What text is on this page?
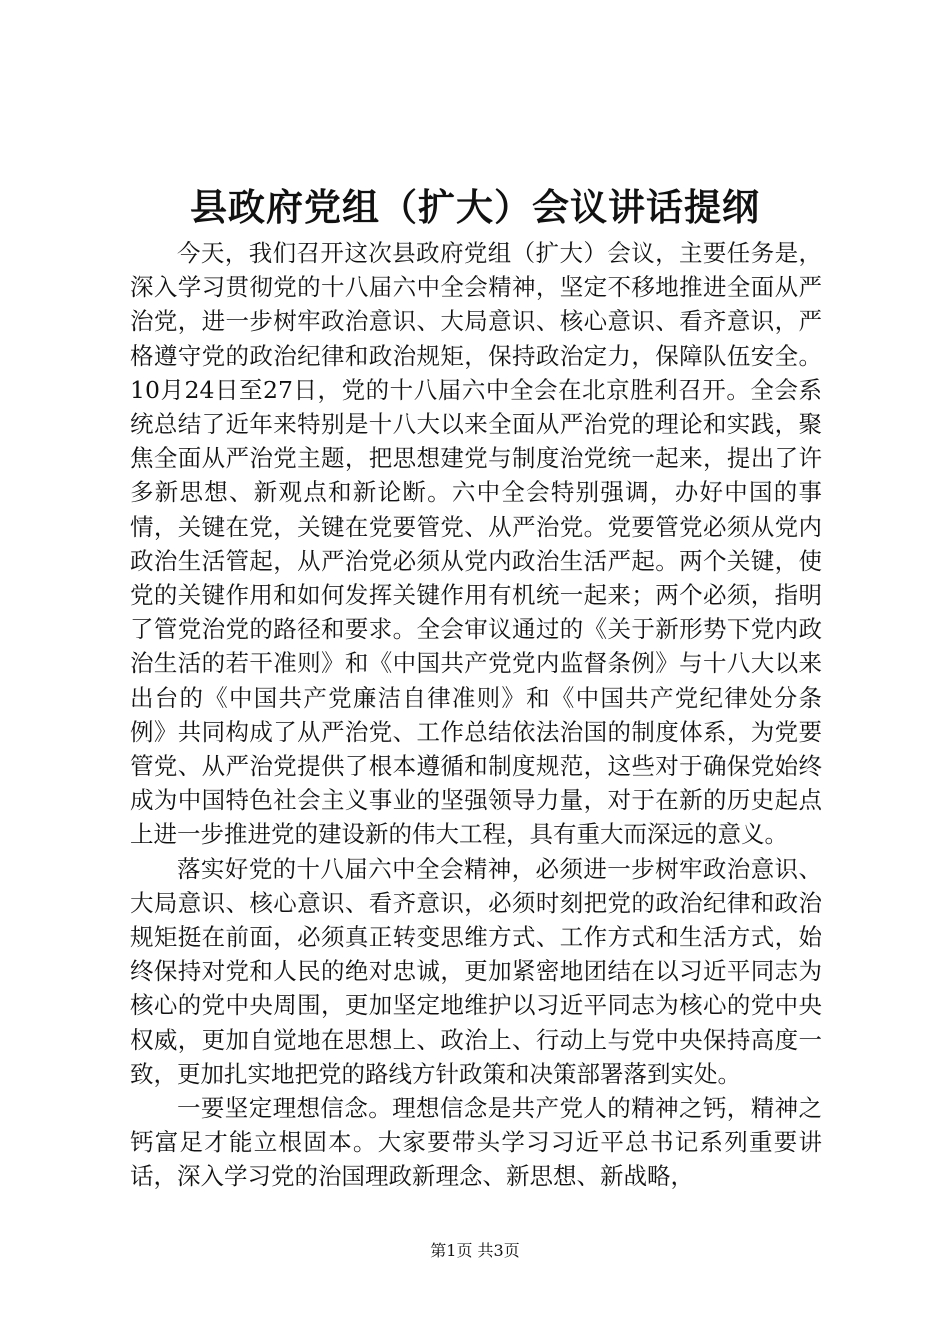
县政府党组（扩大）会议讲话提纲

今天，我们召开这次县政府党组（扩大）会议，主要任务是，深入学习贯彻党的十八届六中全会精神，坚定不移地推进全面从严治党，进一步树牢政治意识、大局意识、核心意识、看齐意识，严格遵守党的政治纪律和政治规矩，保持政治定力，保障队伍安全。10月24日至27日，党的十八届六中全会在北京胜利召开。全会系统总结了近年来特别是十八大以来全面从严治党的理论和实践，聚焦全面从严治党主题，把思想建党与制度治党统一起来，提出了许多新思想、新观点和新论断。六中全会特别强调，办好中国的事情，关键在党，关键在党要管党、从严治党。党要管党必须从党内政治生活管起，从严治党必须从党内政治生活严起。两个关键，使党的关键作用和如何发挥关键作用有机统一起来；两个必须，指明了管党治党的路径和要求。全会审议通过的《关于新形势下党内政治生活的若干准则》和《中国共产党党内监督条例》与十八大以来出台的《中国共产党廉洁自律准则》和《中国共产党纪律处分条例》共同构成了从严治党、工作总结依法治国的制度体系，为党要管党、从严治党提供了根本遵循和制度规范，这些对于确保党始终成为中国特色社会主义事业的坚强领导力量，对于在新的历史起点上进一步推进党的建设新的伟大工程，具有重大而深远的意义。

落实好党的十八届六中全会精神，必须进一步树牢政治意识、大局意识、核心意识、看齐意识，必须时刻把党的政治纪律和政治规矩挺在前面，必须真正转变思维方式、工作方式和生活方式，始终保持对党和人民的绝对忠诚，更加紧密地团结在以习近平同志为核心的党中央周围，更加坚定地维护以习近平同志为核心的党中央权威，更加自觉地在思想上、政治上、行动上与党中央保持高度一致，更加扎实地把党的路线方针政策和决策部署落到实处。

一要坚定理想信念。理想信念是共产党人的精神之钙，精神之钙富足才能立根固本。大家要带头学习习近平总书记系列重要讲话，深入学习党的治国理政新理念、新思想、新战略，

第1页 共3页
